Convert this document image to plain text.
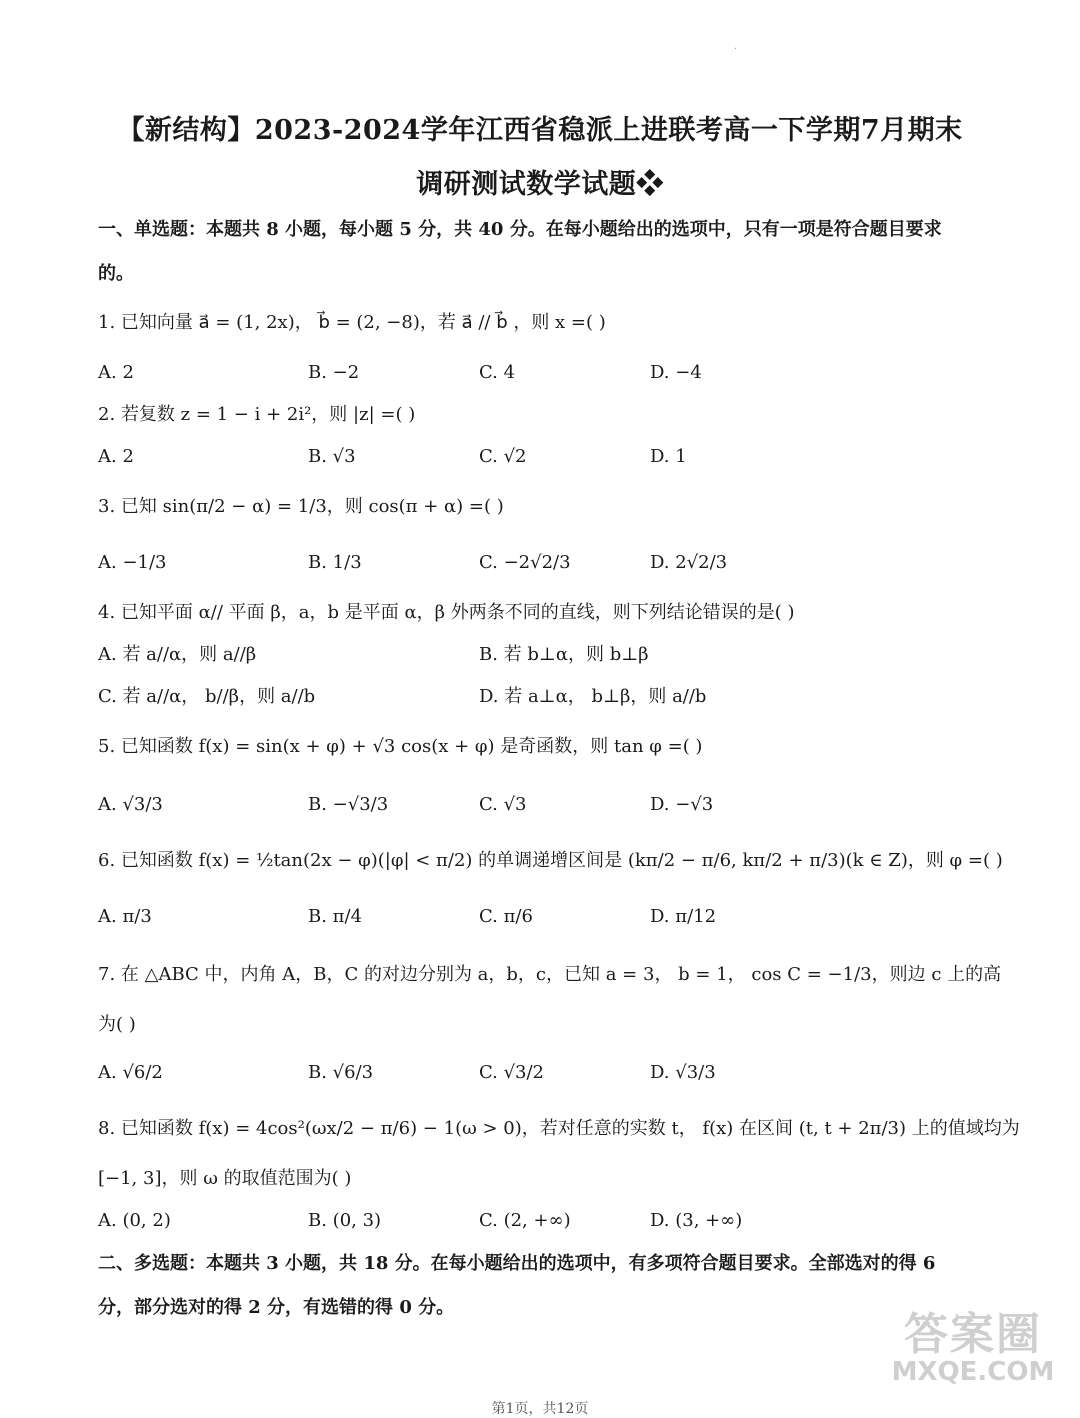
·
【新结构】2023-2024学年江西省稳派上进联考高一下学期7月期末
调研测试数学试题❖
一、单选题：本题共 8 小题，每小题 5 分，共 40 分。在每小题给出的选项中，只有一项是符合题目要求
的。
1. 已知向量 a⃗ = (1, 2x)， b⃗ = (2, −8)，若 a⃗ // b⃗ ，则 x =( )
A. 2	B. −2	C. 4	D. −4
2. 若复数 z = 1 − i + 2i²，则 |z| =( )
A. 2	B. √3	C. √2	D. 1
3. 已知 sin(π/2 − α) = 1/3，则 cos(π + α) =( )
A. −1/3	B. 1/3	C. −2√2/3	D. 2√2/3
4. 已知平面 α// 平面 β，a，b 是平面 α，β 外两条不同的直线，则下列结论错误的是( )
A. 若 a//α，则 a//β	B. 若 b⊥α，则 b⊥β
C. 若 a//α， b//β，则 a//b	D. 若 a⊥α， b⊥β，则 a//b
5. 已知函数 f(x) = sin(x + φ) + √3 cos(x + φ) 是奇函数，则 tan φ =( )
A. √3/3	B. −√3/3	C. √3	D. −√3
6. 已知函数 f(x) = ½tan(2x − φ)(|φ| < π/2) 的单调递增区间是 (kπ/2 − π/6, kπ/2 + π/3)(k ∈ Z)，则 φ =( )
A. π/3	B. π/4	C. π/6	D. π/12
7. 在 △ABC 中，内角 A，B，C 的对边分别为 a，b，c，已知 a = 3， b = 1， cos C = −1/3，则边 c 上的高
为( )
A. √6/2	B. √6/3	C. √3/2	D. √3/3
8. 已知函数 f(x) = 4cos²(ωx/2 − π/6) − 1(ω > 0)，若对任意的实数 t， f(x) 在区间 (t, t + 2π/3) 上的值域均为
[−1, 3]，则 ω 的取值范围为( )
A. (0, 2)	B. (0, 3)	C. (2, +∞)	D. (3, +∞)
二、多选题：本题共 3 小题，共 18 分。在每小题给出的选项中，有多项符合题目要求。全部选对的得 6
分，部分选对的得 2 分，有选错的得 0 分。
答案圈
MXQE.COM
第1页，共12页
